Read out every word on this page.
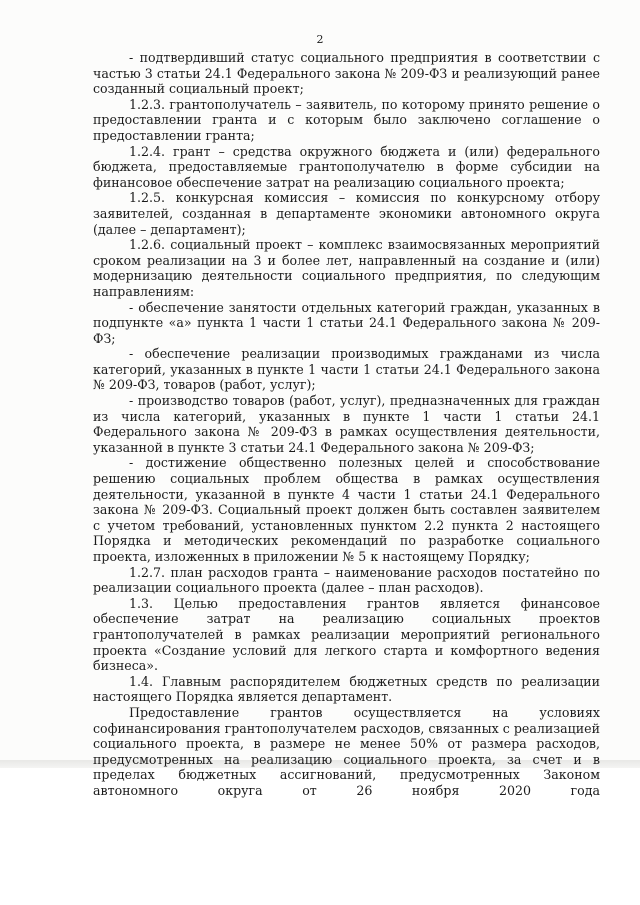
2

- подтвердивший статус социального предприятия в соответствии с частью 3 статьи 24.1 Федерального закона № 209-ФЗ и реализующий ранее созданный социальный проект;

1.2.3. грантополучатель – заявитель, по которому принято решение о предоставлении гранта и с которым было заключено соглашение о предоставлении гранта;

1.2.4. грант – средства окружного бюджета и (или) федерального бюджета, предоставляемые грантополучателю в форме субсидии на финансовое обеспечение затрат на реализацию социального проекта;

1.2.5. конкурсная комиссия – комиссия по конкурсному отбору заявителей, созданная в департаменте экономики автономного округа (далее – департамент);

1.2.6. социальный проект – комплекс взаимосвязанных мероприятий сроком реализации на 3 и более лет, направленный на создание и (или) модернизацию деятельности социального предприятия, по следующим направлениям:

- обеспечение занятости отдельных категорий граждан, указанных в подпункте «а» пункта 1 части 1 статьи 24.1 Федерального закона № 209-ФЗ;

- обеспечение реализации производимых гражданами из числа категорий, указанных в пункте 1 части 1 статьи 24.1 Федерального закона № 209-ФЗ, товаров (работ, услуг);

- производство товаров (работ, услуг), предназначенных для граждан из числа категорий, указанных в пункте 1 части 1 статьи 24.1 Федерального закона № 209-ФЗ в рамках осуществления деятельности, указанной в пункте 3 статьи 24.1 Федерального закона № 209-ФЗ;

- достижение общественно полезных целей и способствование решению социальных проблем общества в рамках осуществления деятельности, указанной в пункте 4 части 1 статьи 24.1 Федерального закона № 209-ФЗ. Социальный проект должен быть составлен заявителем с учетом требований, установленных пунктом 2.2 пункта 2 настоящего Порядка и методических рекомендаций по разработке социального проекта, изложенных в приложении № 5 к настоящему Порядку;

1.2.7. план расходов гранта – наименование расходов постатейно по реализации социального проекта (далее – план расходов).

1.3. Целью предоставления грантов является финансовое обеспечение затрат на реализацию социальных проектов грантополучателей в рамках реализации мероприятий регионального проекта «Создание условий для легкого старта и комфортного ведения бизнеса».

1.4. Главным распорядителем бюджетных средств по реализации настоящего Порядка является департамент.

Предоставление грантов осуществляется на условиях софинансирования грантополучателем расходов, связанных с реализацией социального проекта, в размере не менее 50% от размера расходов, предусмотренных на реализацию социального проекта, за счет и в пределах бюджетных ассигнований, предусмотренных Законом автономного округа от 26 ноября 2020 года
